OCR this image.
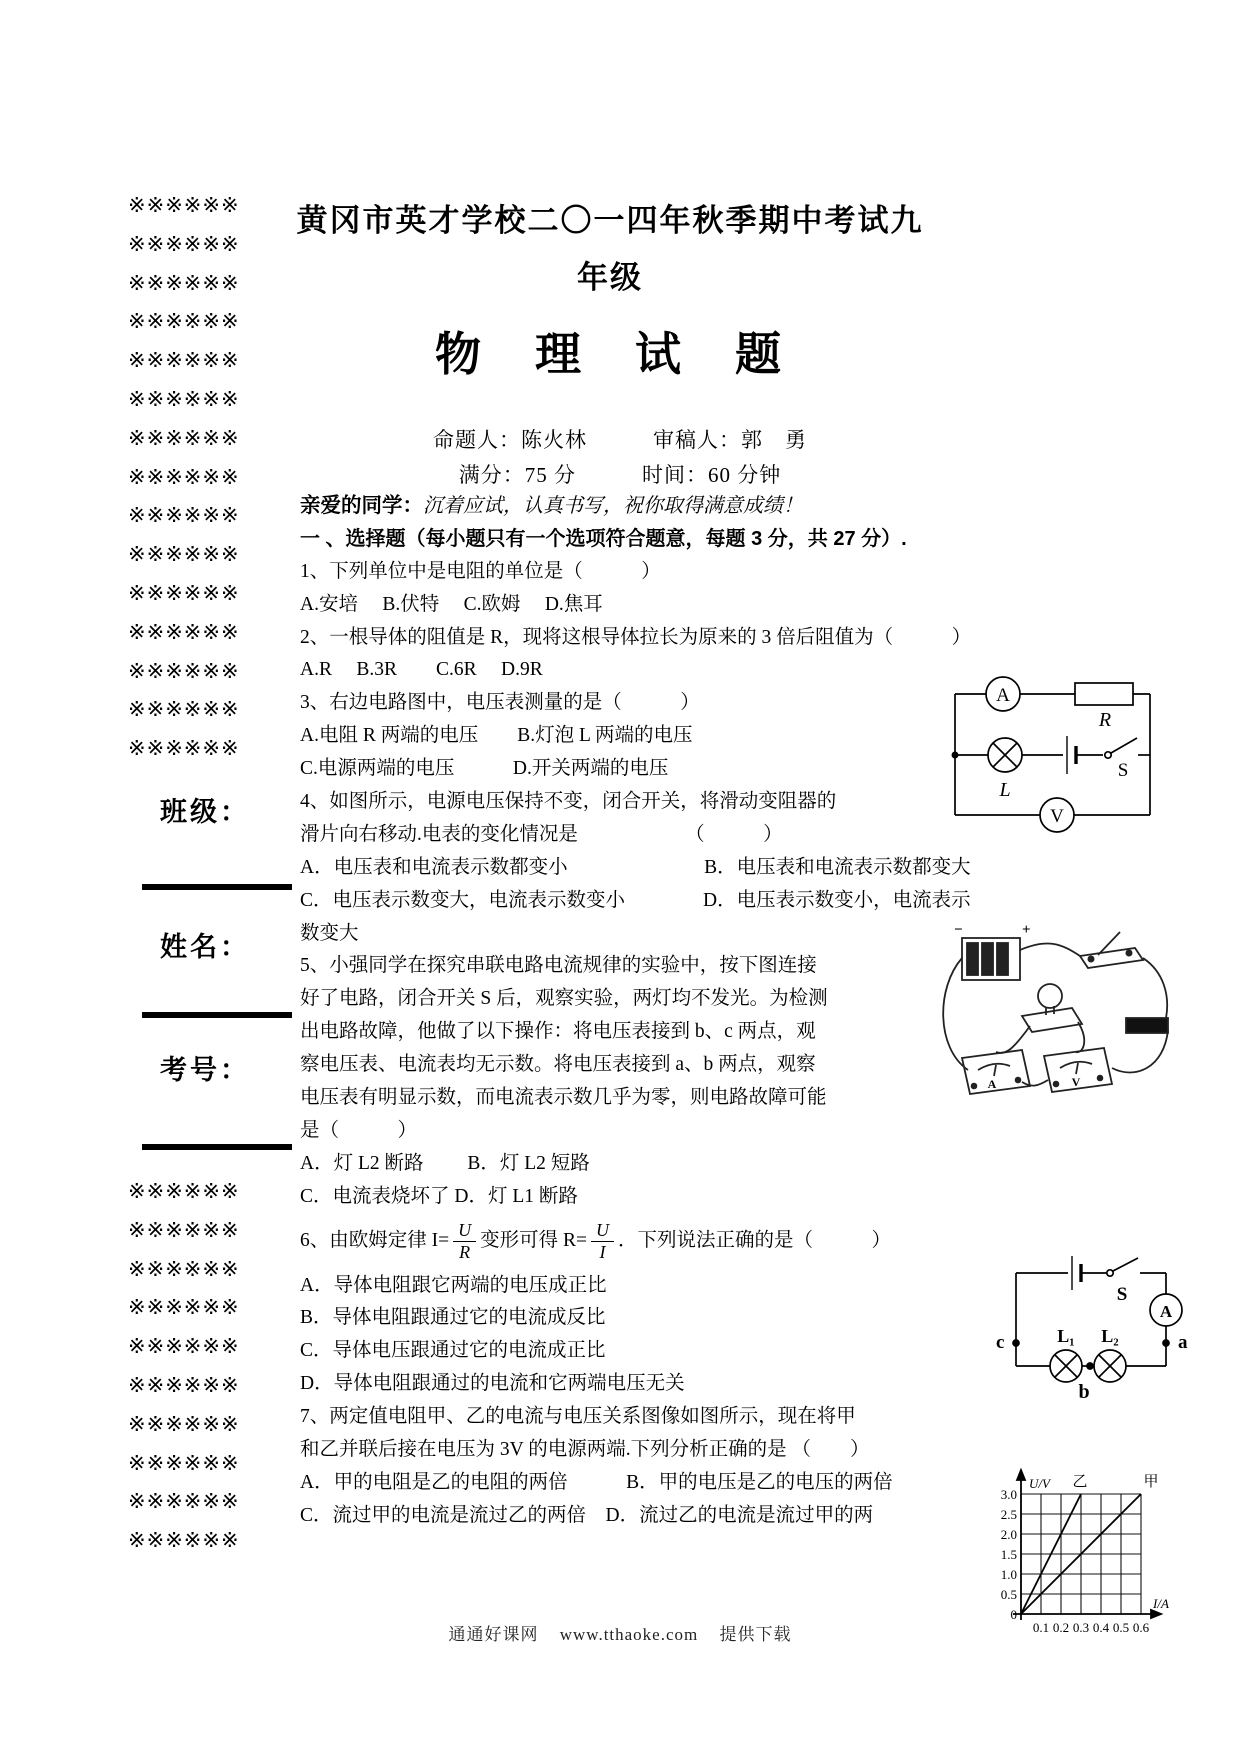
※※※※※※
※※※※※※
※※※※※※
※※※※※※
※※※※※※
※※※※※※
※※※※※※
※※※※※※
※※※※※※
※※※※※※
※※※※※※
※※※※※※
※※※※※※
※※※※※※
※※※※※※
班级：
姓名：
考号：
※※※※※※
※※※※※※
※※※※※※
※※※※※※
※※※※※※
※※※※※※
※※※※※※
※※※※※※
※※※※※※
※※※※※※
黄冈市英才学校二〇一四年秋季期中考试九
年级
物　理　试　题
命题人：陈火林　　　审稿人：郭　勇
满分：75 分　　　时间：60 分钟
亲爱的同学：沉着应试，认真书写，祝你取得满意成绩！
一 、选择题（每小题只有一个选项符合题意，每题 3 分，共 27 分）.
1、下列单位中是电阻的单位是（　　　）
A.安培　 B.伏特 　C.欧姆 　D.焦耳
2、一根导体的阻值是 R，现将这根导体拉长为原来的 3 倍后阻值为（　　　）
A.R　 B.3R　　C.6R　 D.9R
3、右边电路图中，电压表测量的是（　　　）
A.电阻 R 两端的电压　　B.灯泡 L 两端的电压
C.电源两端的电压　　　D.开关两端的电压
4、如图所示，电源电压保持不变，闭合开关，将滑动变阻器的
滑片向右移动.电表的变化情况是　　　　　　（　　　）
A．电压表和电流表示数都变小　　　　　　　B．电压表和电流表示数都变大
C．电压表示数变大，电流表示数变小　　　　D．电压表示数变小，电流表示
数变大
5、小强同学在探究串联电路电流规律的实验中，按下图连接
好了电路，闭合开关 S 后，观察实验，两灯均不发光。为检测
出电路故障，他做了以下操作：将电压表接到 b、c 两点，观
察电压表、电流表均无示数。将电压表接到 a、b 两点，观察
电压表有明显示数，而电流表示数几乎为零，则电路故障可能
是（　　　）
A．灯 L2 断路　　 B．灯 L2 短路
C．电流表烧坏了 D．灯 L1 断路
6、由欧姆定律 $I= \frac{U}{R}$ 变形可得 $R= \frac{U}{I}$ ．下列说法正确的是（　　　）
A．导体电阻跟它两端的电压成正比
B．导体电阻跟通过它的电流成反比
C．导体电压跟通过它的电流成正比
D．导体电阻跟通过的电流和它两端电压无关
7、两定值电阻甲、乙的电流与电压关系图像如图所示，现在将甲
和乙并联后接在电压为 3V 的电源两端.下列分析正确的是 （　　）
A．甲的电阻是乙的电阻的两倍　　　B．甲的电压是乙的电压的两倍
C．流过甲的电流是流过乙的两倍　D．流过乙的电流是流过甲的两
A
R
L
S
V
−	+
A	V
S
A
a
c
b
L₁ L₂
U/V
I/A
乙	甲
3.0
2.5
2.0
1.5
1.0
0.5
0
0.1 0.2 0.3 0.4 0.5 0.6
通通好课网 www.tthaoke.com 提供下载
